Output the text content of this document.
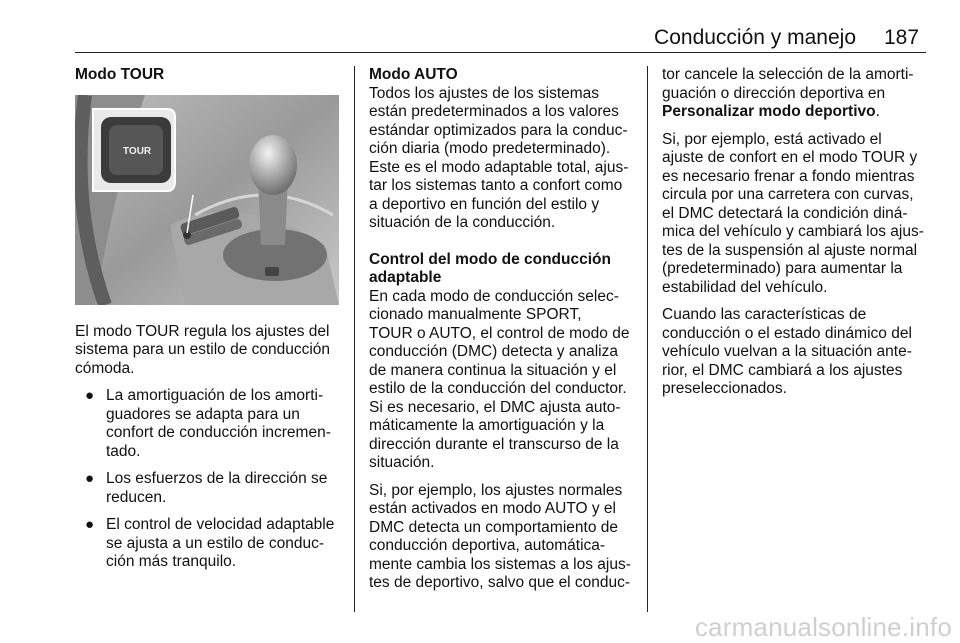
Conducción y manejo 187

Modo TOUR

TOUR

El modo TOUR regula los ajustes del
sistema para un estilo de conducción
cómoda.

● La amortiguación de los amorti-
guadores se adapta para un
confort de conducción incremen-
tado.
● Los esfuerzos de la dirección se
reducen.
● El control de velocidad adaptable
se ajusta a un estilo de conduc-
ción más tranquilo.

Modo AUTO

Todos los ajustes de los sistemas
están predeterminados a los valores
estándar optimizados para la conduc-
ción diaria (modo predeterminado).
Este es el modo adaptable total, ajus-
tar los sistemas tanto a confort como
a deportivo en función del estilo y
situación de la conducción.

Control del modo de conducción
adaptable

En cada modo de conducción selec-
cionado manualmente SPORT,
TOUR o AUTO, el control de modo de
conducción (DMC) detecta y analiza
de manera continua la situación y el
estilo de la conducción del conductor.
Si es necesario, el DMC ajusta auto-
máticamente la amortiguación y la
dirección durante el transcurso de la
situación.

Si, por ejemplo, los ajustes normales
están activados en modo AUTO y el
DMC detecta un comportamiento de
conducción deportiva, automática-
mente cambia los sistemas a los ajus-
tes de deportivo, salvo que el conduc-

tor cancele la selección de la amorti-
guación o dirección deportiva en
Personalizar modo deportivo.

Si, por ejemplo, está activado el
ajuste de confort en el modo TOUR y
es necesario frenar a fondo mientras
circula por una carretera con curvas,
el DMC detectará la condición diná-
mica del vehículo y cambiará los ajus-
tes de la suspensión al ajuste normal
(predeterminado) para aumentar la
estabilidad del vehículo.

Cuando las características de
conducción o el estado dinámico del
vehículo vuelvan a la situación ante-
rior, el DMC cambiará a los ajustes
preseleccionados.

carmanualsonline.info
